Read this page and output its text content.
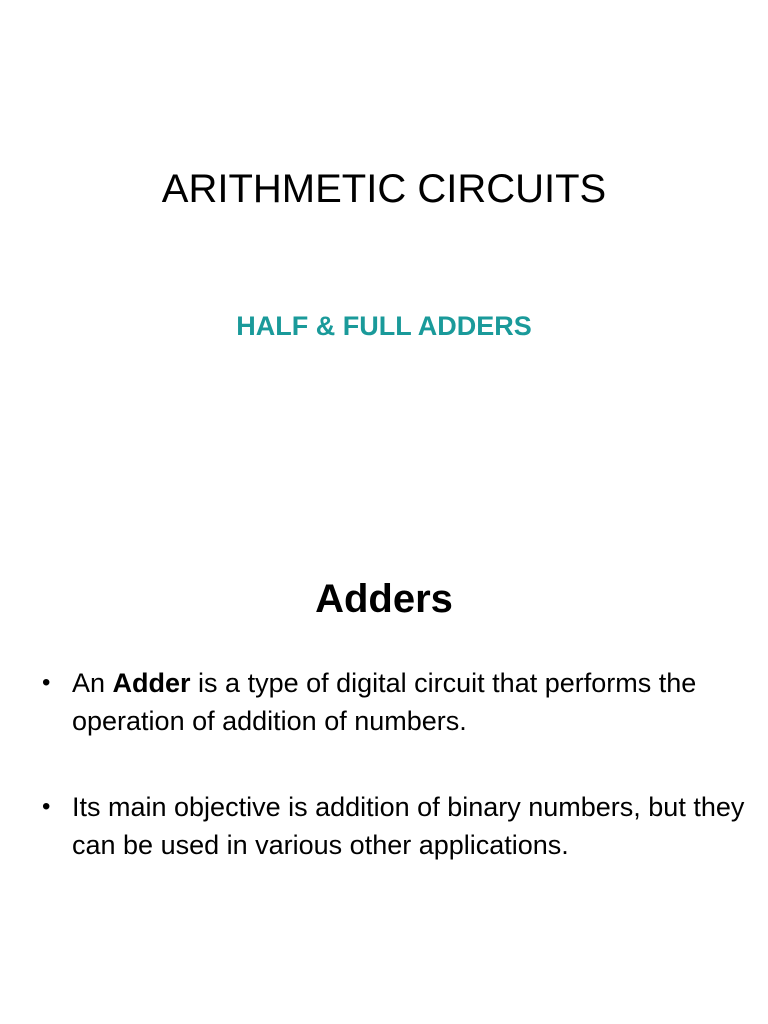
ARITHMETIC CIRCUITS
HALF & FULL ADDERS
Adders
• An Adder is a type of digital circuit that performs the operation of addition of numbers.
• Its main objective is addition of binary numbers, but they can be used in various other applications.
